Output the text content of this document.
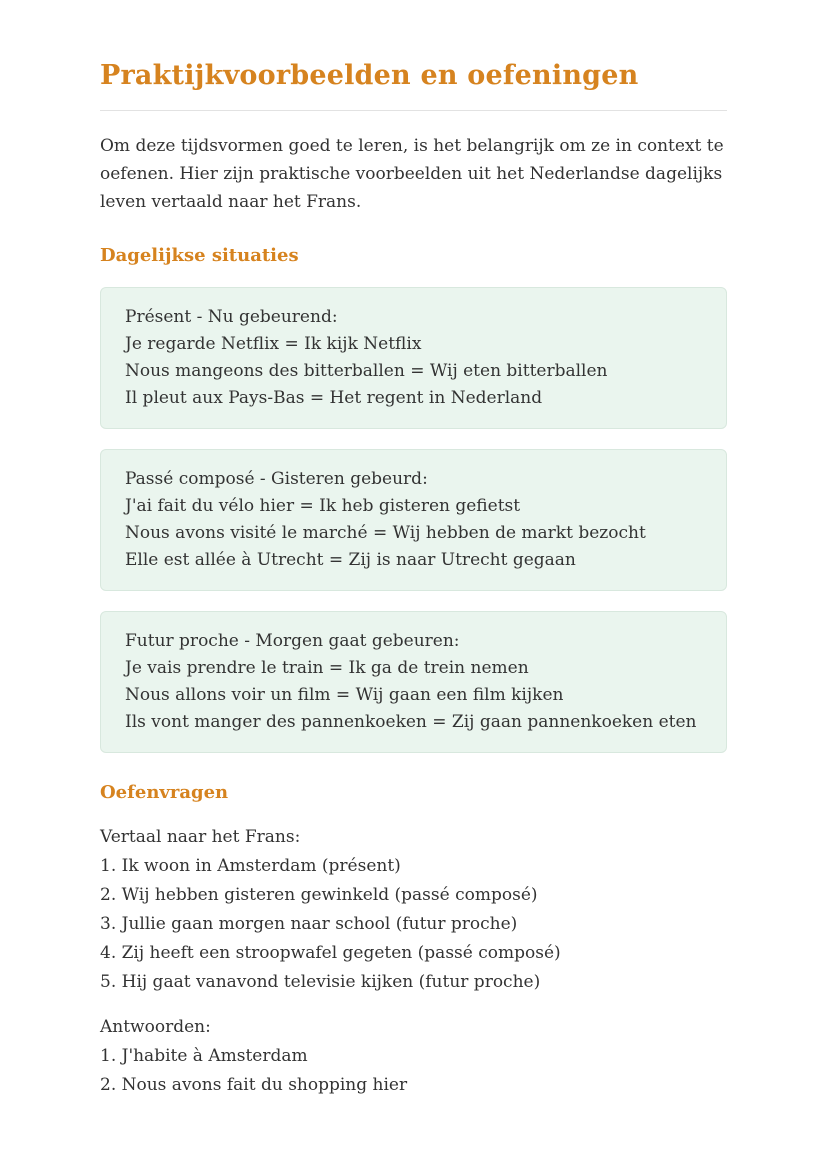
Praktijkvoorbeelden en oefeningen

Om deze tijdsvormen goed te leren, is het belangrijk om ze in context te oefenen. Hier zijn praktische voorbeelden uit het Nederlandse dagelijks leven vertaald naar het Frans.

Dagelijkse situaties

Présent - Nu gebeurend:

Je regarde Netflix = Ik kijk Netflix

Nous mangeons des bitterballen = Wij eten bitterballen

Il pleut aux Pays-Bas = Het regent in Nederland

Passé composé - Gisteren gebeurd:

J'ai fait du vélo hier = Ik heb gisteren gefietst

Nous avons visité le marché = Wij hebben de markt bezocht

Elle est allée à Utrecht = Zij is naar Utrecht gegaan

Futur proche - Morgen gaat gebeuren:

Je vais prendre le train = Ik ga de trein nemen

Nous allons voir un film = Wij gaan een film kijken

Ils vont manger des pannenkoeken = Zij gaan pannenkoeken eten

Oefenvragen

Vertaal naar het Frans:

1. Ik woon in Amsterdam (présent)

2. Wij hebben gisteren gewinkeld (passé composé)

3. Jullie gaan morgen naar school (futur proche)

4. Zij heeft een stroopwafel gegeten (passé composé)

5. Hij gaat vanavond televisie kijken (futur proche)

Antwoorden:

1. J'habite à Amsterdam

2. Nous avons fait du shopping hier
